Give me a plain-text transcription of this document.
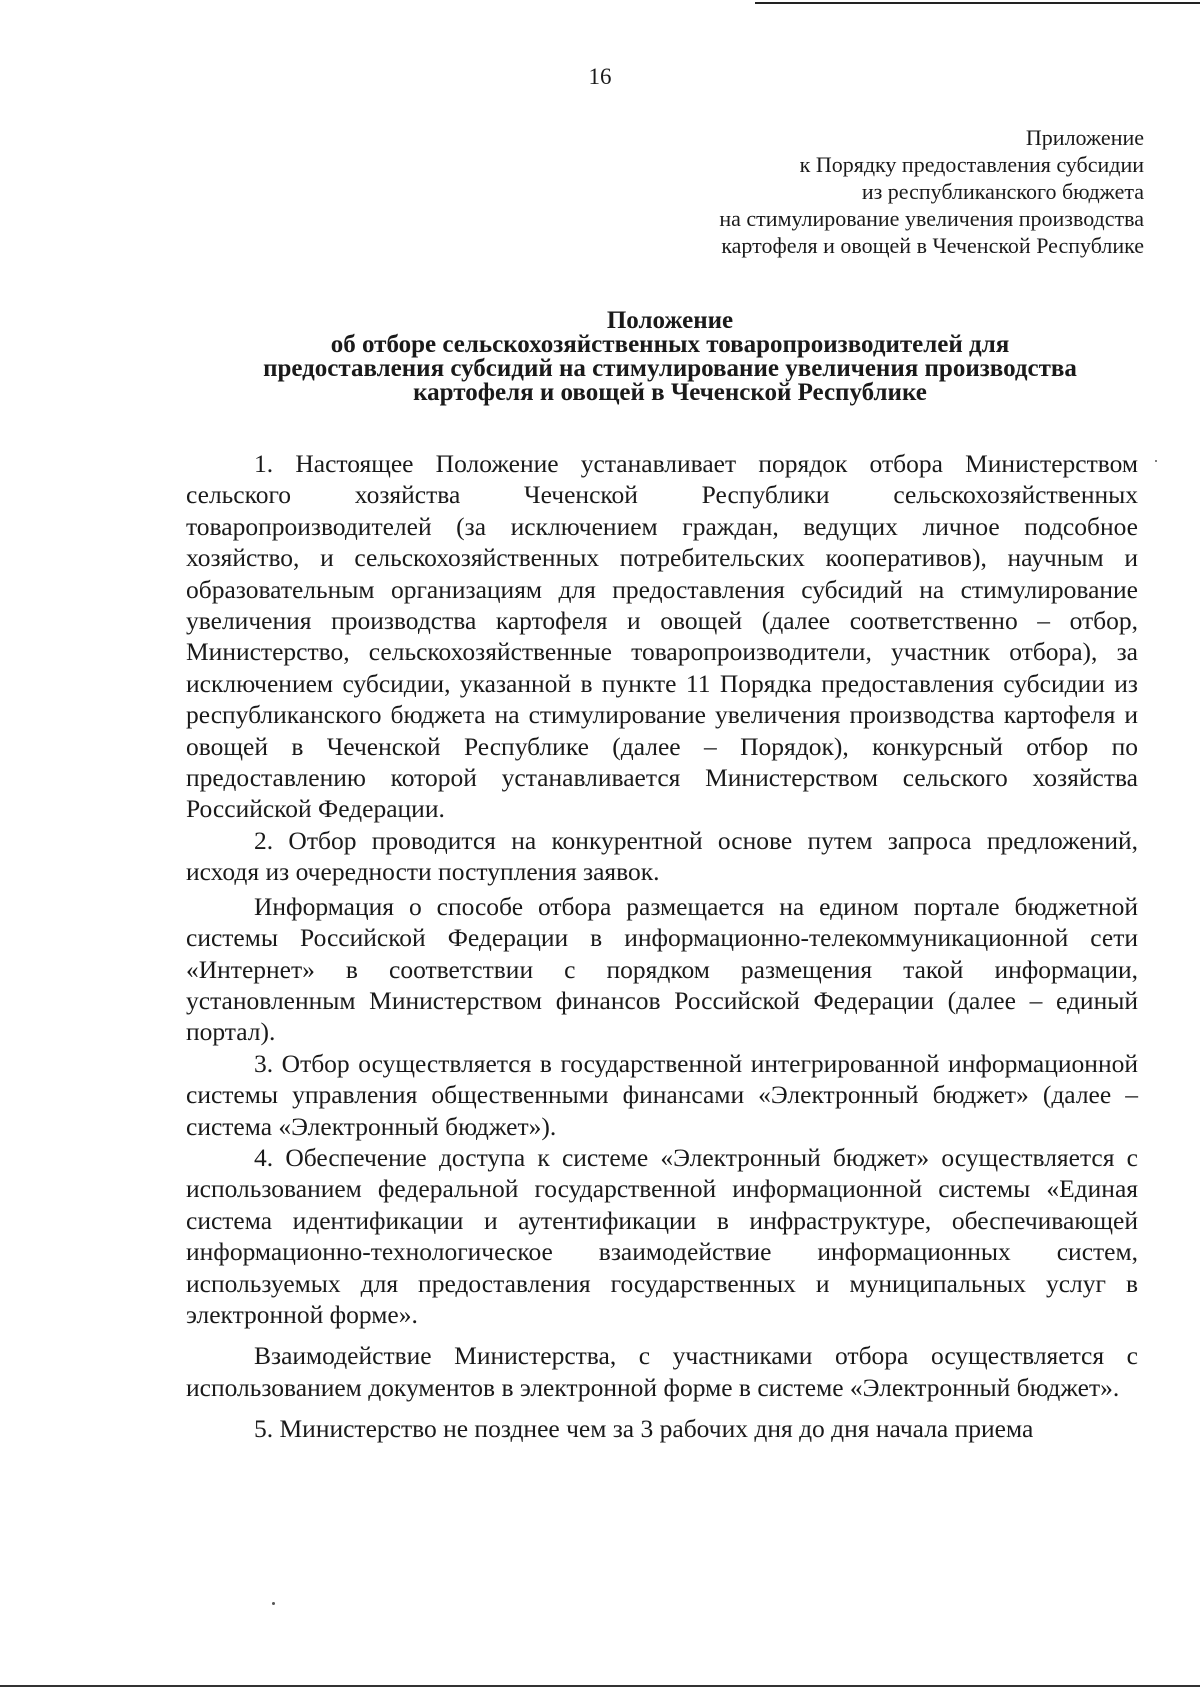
16
Приложение
к Порядку предоставления субсидии
из республиканского бюджета
на стимулирование увеличения производства
картофеля и овощей в Чеченской Республике
Положение
об отборе сельскохозяйственных товаропроизводителей для
предоставления субсидий на стимулирование увеличения производства
картофеля и овощей в Чеченской Республике

1. Настоящее Положение устанавливает порядок отбора Министерством сельского хозяйства Чеченской Республики сельскохозяйственных товаропроизводителей (за исключением граждан, ведущих личное подсобное хозяйство, и сельскохозяйственных потребительских кооперативов), научным и образовательным организациям для предоставления субсидий на стимулирование увеличения производства картофеля и овощей (далее соответственно – отбор, Министерство, сельскохозяйственные товаропроизводители, участник отбора), за исключением субсидии, указанной в пункте 11 Порядка предоставления субсидии из республиканского бюджета на стимулирование увеличения производства картофеля и овощей в Чеченской Республике (далее – Порядок), конкурсный отбор по предоставлению которой устанавливается Министерством сельского хозяйства Российской Федерации.

2. Отбор проводится на конкурентной основе путем запроса предложений, исходя из очередности поступления заявок.

Информация о способе отбора размещается на едином портале бюджетной системы Российской Федерации в информационно-телекоммуникационной сети «Интернет» в соответствии с порядком размещения такой информации, установленным Министерством финансов Российской Федерации (далее – единый портал).

3. Отбор осуществляется в государственной интегрированной информационной системы управления общественными финансами «Электронный бюджет» (далее – система «Электронный бюджет»).

4. Обеспечение доступа к системе «Электронный бюджет» осуществляется с использованием федеральной государственной информационной системы «Единая система идентификации и аутентификации в инфраструктуре, обеспечивающей информационно-технологическое взаимодействие информационных систем, используемых для предоставления государственных и муниципальных услуг в электронной форме».

Взаимодействие Министерства, с участниками отбора осуществляется с использованием документов в электронной форме в системе «Электронный бюджет».

5. Министерство не позднее чем за 3 рабочих дня до дня начала приема
